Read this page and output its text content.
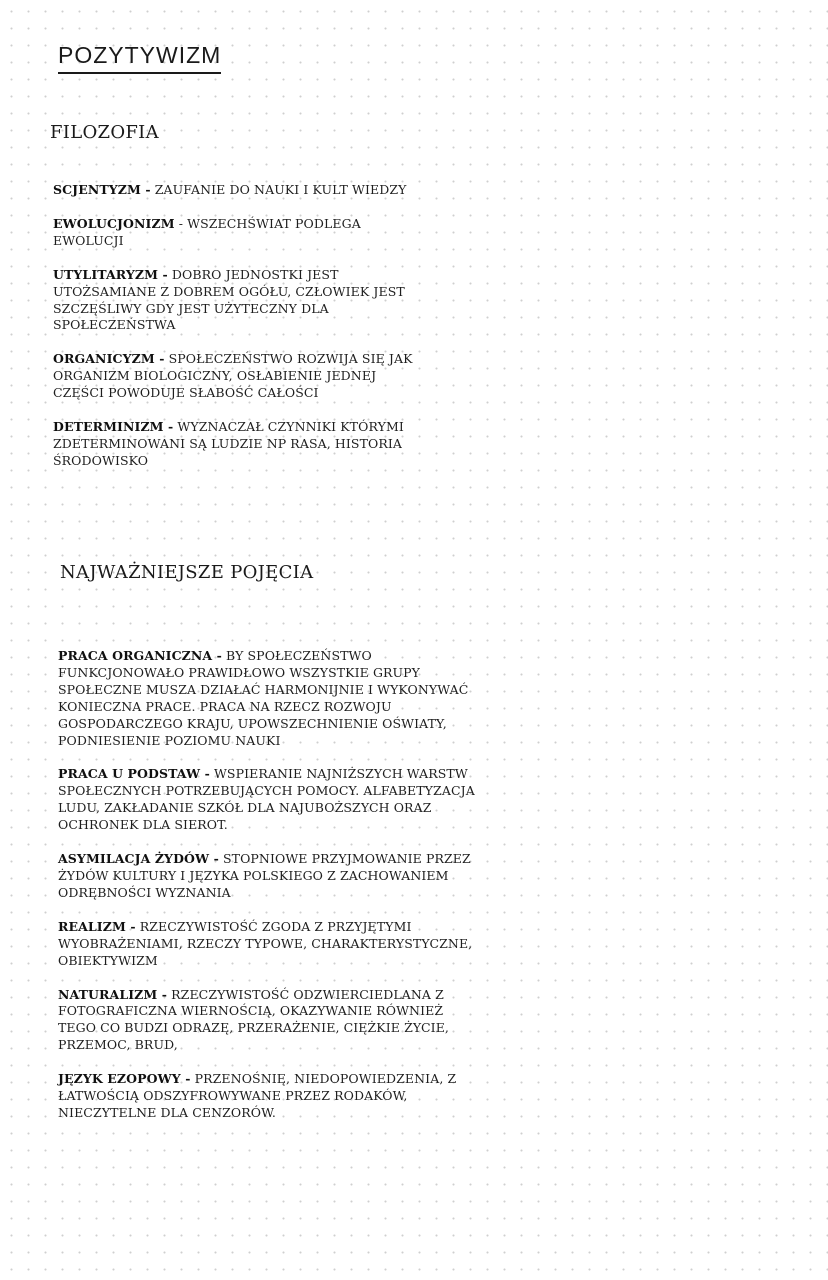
POZYTYWIZM
FILOZOFIA
SCJENTYZM - ZAUFANIE DO NAUKI I KULT WIEDZY
EWOLUCJONIZM - WSZECHŚWIAT PODLEGA EWOLUCJI
UTYLITARYZM - DOBRO JEDNOSTKI JEST UTOŻSAMIANE Z DOBREM OGÓŁU, CZŁOWIEK JEST SZCZĘŚLIWY GDY JEST UŻYTECZNY DLA SPOŁECZEŃSTWA
ORGANICYZM - SPOŁECZEŃSTWO ROZWIJA SIĘ JAK ORGANIZM BIOLOGICZNY, OSŁABIENIE JEDNEJ CZĘŚCI POWODUJE SŁABOŚĆ CAŁOŚCI
DETERMINIZM - WYZNACZAŁ CZYNNIKI KTÓRYMI ZDETERMINOWANI SĄ LUDZIE NP RASA, HISTORIA ŚRODOWISKO
NAJWAŻNIEJSZE POJĘCIA
PRACA ORGANICZNA - BY SPOŁECZEŃSTWO FUNKCJONOWAŁO PRAWIDŁOWO WSZYSTKIE GRUPY SPOŁECZNE MUSZA DZIAŁAĆ HARMONIJNIE I WYKONYWAĆ KONIECZNA PRACE. PRACA NA RZECZ ROZWOJU GOSPODARCZEGO KRAJU, UPOWSZECHNIENIE OŚWIATY, PODNIESIENIE POZIOMU NAUKI
PRACA U PODSTAW - WSPIERANIE NAJNIŻSZYCH WARSTW SPOŁECZNYCH POTRZEBUJĄCYCH POMOCY. ALFABETYZACJA LUDU, ZAKŁADANIE SZKÓŁ DLA NAJUBOŻSZYCH ORAZ OCHRONEK DLA SIEROT.
ASYMILACJA ŻYDÓW - STOPNIOWE PRZYJMOWANIE PRZEZ ŻYDÓW KULTURY I JĘZYKA POLSKIEGO Z ZACHOWANIEM ODRĘBNOŚCI WYZNANIA
REALIZM - RZECZYWISTOŚĆ ZGODA Z PRZYJĘTYMI WYOBRAŻENIAMI, RZECZY TYPOWE, CHARAKTERYSTYCZNE, OBIEKTYWIZM
NATURALIZM - RZECZYWISTOŚĆ ODZWIERCIEDLANA Z FOTOGRAFICZNA WIERNOŚCIĄ, OKAZYWANIE RÓWNIEŻ TEGO CO BUDZI ODRAZĘ, PRZERAŻENIE, CIĘŻKIE ŻYCIE, PRZEMOC, BRUD,
JĘZYK EZOPOWY - PRZENOŚNIĘ, NIEDOPOWIEDZENIA, Z ŁATWOŚCIĄ ODSZYFROWYWANE PRZEZ RODAKÓW, NIECZYTELNE DLA CENZORÓW.
